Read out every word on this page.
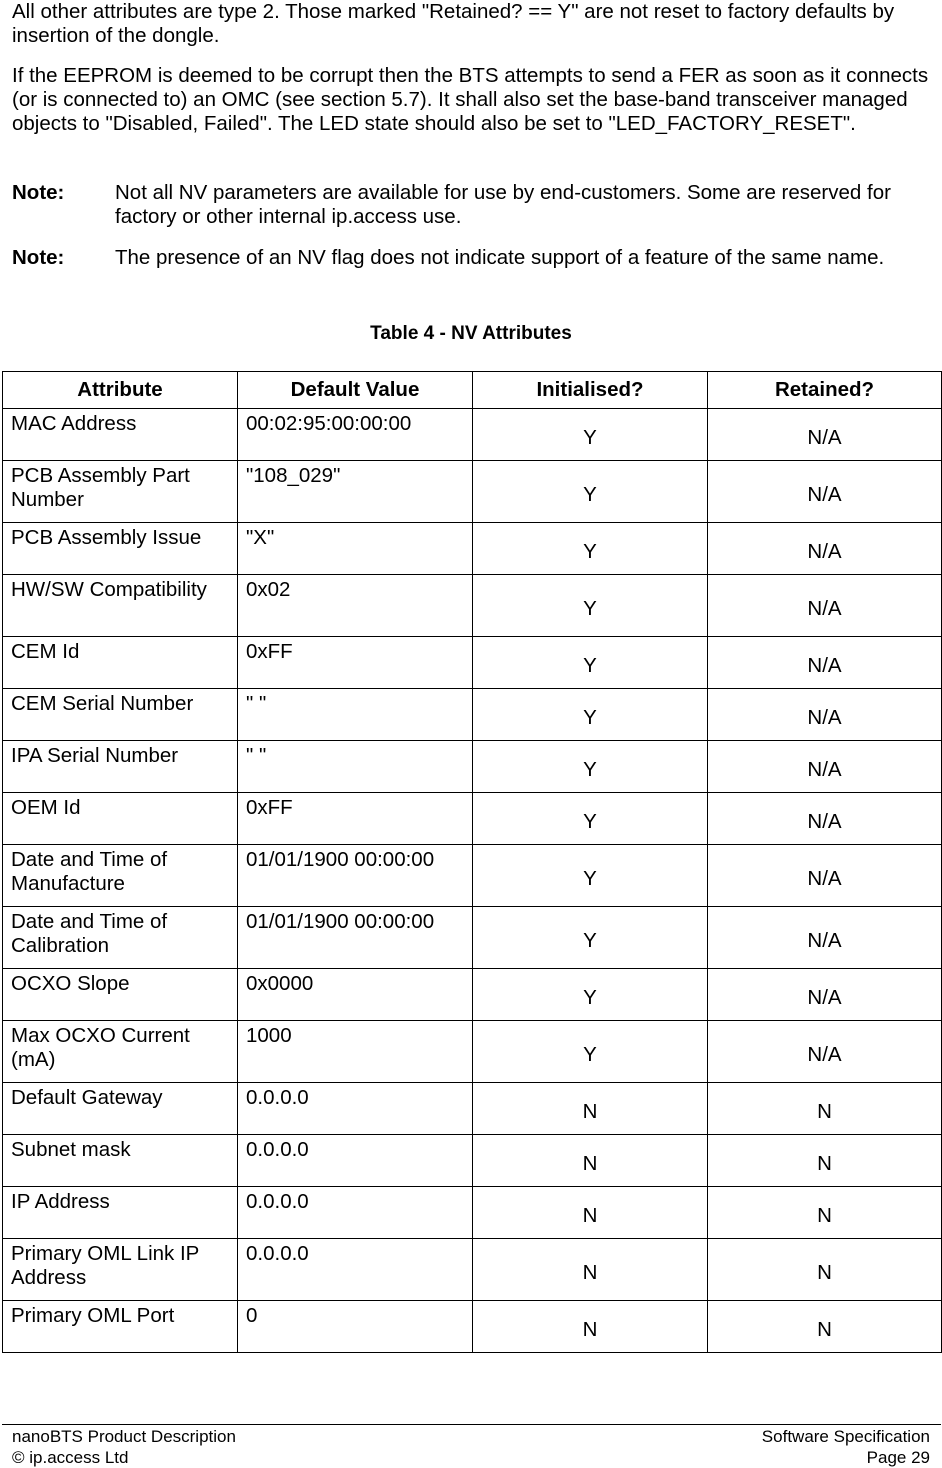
All other attributes are type 2. Those marked "Retained? == Y" are not reset to factory defaults by insertion of the dongle.

If the EEPROM is deemed to be corrupt then the BTS attempts to send a FER as soon as it connects (or is connected to) an OMC (see section 5.7). It shall also set the base-band transceiver managed objects to "Disabled, Failed". The LED state should also be set to "LED_FACTORY_RESET".

Note:	Not all NV parameters are available for use by end-customers. Some are reserved for factory or other internal ip.access use.
Note:	The presence of an NV flag does not indicate support of a feature of the same name.
Table 4 - NV Attributes
Attribute	Default Value	Initialised?	Retained?
MAC Address	00:02:95:00:00:00	Y	N/A
PCB Assembly Part Number	"108_029"	Y	N/A
PCB Assembly Issue	"X"	Y	N/A
HW/SW Compatibility	0x02	Y	N/A
CEM Id	0xFF	Y	N/A
CEM Serial Number	" "	Y	N/A
IPA Serial Number	" "	Y	N/A
OEM Id	0xFF	Y	N/A
Date and Time of Manufacture	01/01/1900 00:00:00	Y	N/A
Date and Time of Calibration	01/01/1900 00:00:00	Y	N/A
OCXO Slope	0x0000	Y	N/A
Max OCXO Current (mA)	1000	Y	N/A
Default Gateway	0.0.0.0	N	N
Subnet mask	0.0.0.0	N	N
IP Address	0.0.0.0	N	N
Primary OML Link IP Address	0.0.0.0	N	N
Primary OML Port	0	N	N
nanoBTS Product Description
© ip.access Ltd
Software Specification
Page 29
